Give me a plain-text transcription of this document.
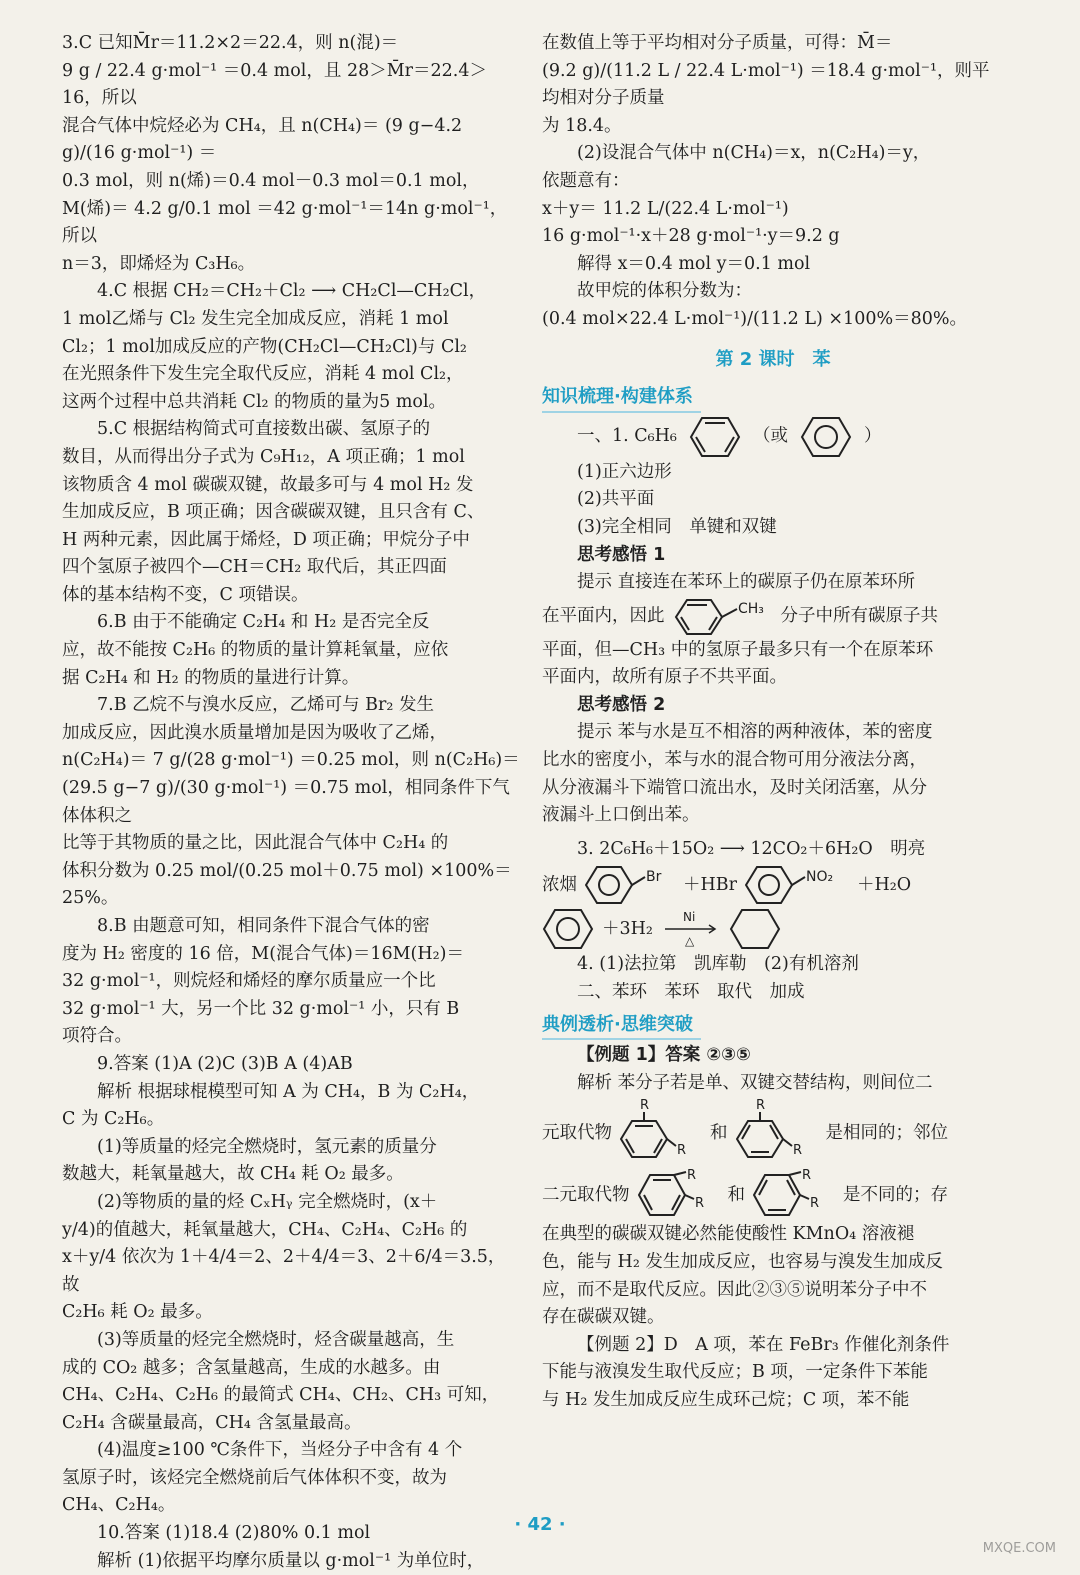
3.C 已知M̄r＝11.2×2＝22.4，则 n(混)＝

9 g / 22.4 g·mol⁻¹ ＝0.4 mol，且 28＞M̄r＝22.4＞16，所以

混合气体中烷烃必为 CH₄，且 n(CH₄)＝ (9 g−4.2 g)/(16 g·mol⁻¹) ＝

0.3 mol，则 n(烯)＝0.4 mol－0.3 mol＝0.1 mol，

M(烯)＝ 4.2 g/0.1 mol ＝42 g·mol⁻¹＝14n g·mol⁻¹，所以

n＝3，即烯烃为 C₃H₆。

4.C 根据 CH₂＝CH₂＋Cl₂ ⟶ CH₂Cl—CH₂Cl，

1 mol乙烯与 Cl₂ 发生完全加成反应，消耗 1 mol

Cl₂；1 mol加成反应的产物(CH₂Cl—CH₂Cl)与 Cl₂

在光照条件下发生完全取代反应，消耗 4 mol Cl₂，

这两个过程中总共消耗 Cl₂ 的物质的量为5 mol。

5.C 根据结构简式可直接数出碳、氢原子的

数目，从而得出分子式为 C₉H₁₂，A 项正确；1 mol

该物质含 4 mol 碳碳双键，故最多可与 4 mol H₂ 发

生加成反应，B 项正确；因含碳碳双键，且只含有 C、

H 两种元素，因此属于烯烃，D 项正确；甲烷分子中

四个氢原子被四个—CH＝CH₂ 取代后，其正四面

体的基本结构不变，C 项错误。

6.B 由于不能确定 C₂H₄ 和 H₂ 是否完全反

应，故不能按 C₂H₆ 的物质的量计算耗氧量，应依

据 C₂H₄ 和 H₂ 的物质的量进行计算。

7.B 乙烷不与溴水反应，乙烯可与 Br₂ 发生

加成反应，因此溴水质量增加是因为吸收了乙烯，

n(C₂H₄)＝ 7 g/(28 g·mol⁻¹) ＝0.25 mol，则 n(C₂H₆)＝

(29.5 g−7 g)/(30 g·mol⁻¹) ＝0.75 mol，相同条件下气体体积之

比等于其物质的量之比，因此混合气体中 C₂H₄ 的

体积分数为 0.25 mol/(0.25 mol＋0.75 mol) ×100%＝25%。

8.B 由题意可知，相同条件下混合气体的密

度为 H₂ 密度的 16 倍，M(混合气体)＝16M(H₂)＝

32 g·mol⁻¹，则烷烃和烯烃的摩尔质量应一个比

32 g·mol⁻¹ 大，另一个比 32 g·mol⁻¹ 小，只有 B

项符合。

9.答案 (1)A (2)C (3)B A (4)AB

解析 根据球棍模型可知 A 为 CH₄，B 为 C₂H₄，

C 为 C₂H₆。

(1)等质量的烃完全燃烧时，氢元素的质量分

数越大，耗氧量越大，故 CH₄ 耗 O₂ 最多。

(2)等物质的量的烃 CₓHᵧ 完全燃烧时，(x＋

y/4)的值越大，耗氧量越大，CH₄、C₂H₄、C₂H₆ 的

x＋y/4 依次为 1＋4/4＝2、2＋4/4＝3、2＋6/4＝3.5，故

C₂H₆ 耗 O₂ 最多。

(3)等质量的烃完全燃烧时，烃含碳量越高，生

成的 CO₂ 越多；含氢量越高，生成的水越多。由

CH₄、C₂H₄、C₂H₆ 的最简式 CH₄、CH₂、CH₃ 可知，

C₂H₄ 含碳量最高，CH₄ 含氢量最高。

(4)温度≥100 ℃条件下，当烃分子中含有 4 个

氢原子时，该烃完全燃烧前后气体体积不变，故为

CH₄、C₂H₄。

10.答案 (1)18.4 (2)80% 0.1 mol

解析 (1)依据平均摩尔质量以 g·mol⁻¹ 为单位时，

在数值上等于平均相对分子质量，可得：M̄＝

(9.2 g)/(11.2 L / 22.4 L·mol⁻¹) ＝18.4 g·mol⁻¹，则平均相对分子质量

为 18.4。

(2)设混合气体中 n(CH₄)＝x，n(C₂H₄)＝y，

依题意有：

x＋y＝ 11.2 L/(22.4 L·mol⁻¹)

16 g·mol⁻¹·x＋28 g·mol⁻¹·y＝9.2 g

解得 x＝0.4 mol y＝0.1 mol

故甲烷的体积分数为：

(0.4 mol×22.4 L·mol⁻¹)/(11.2 L) ×100%＝80%。

第 2 课时　苯
知识梳理·构建体系
一、1. C₆H₆	（或	）

(1)正六边形

(2)共平面

(3)完全相同　单键和双键

思考感悟 1

提示 直接连在苯环上的碳原子仍在原苯环所

在平面内，因此	CH₃ 分子中所有碳原子共

平面，但—CH₃ 中的氢原子最多只有一个在原苯环

平面内，故所有原子不共平面。

思考感悟 2

提示 苯与水是互不相溶的两种液体，苯的密度

比水的密度小，苯与水的混合物可用分液法分离，

从分液漏斗下端管口流出水，及时关闭活塞，从分

液漏斗上口倒出苯。

3. 2C₆H₆＋15O₂ ⟶ 12CO₂＋6H₂O　明亮

浓烟	Br ＋HBr	NO₂ ＋H₂O
＋3H₂
Ni
△

4. (1)法拉第　凯库勒　(2)有机溶剂

二、苯环　苯环　取代　加成

典例透析·思维突破

【例题 1】答案 ②③⑤

解析 苯分子若是单、双键交替结构，则间位二

元取代物
R
R
和
R
R
是相同的；邻位
二元取代物
R
R 和
R
R 是不同的；存

在典型的碳碳双键必然能使酸性 KMnO₄ 溶液褪

色，能与 H₂ 发生加成反应，也容易与溴发生加成反

应，而不是取代反应。因此②③⑤说明苯分子中不

存在碳碳双键。

【例题 2】D　A 项，苯在 FeBr₃ 作催化剂条件

下能与液溴发生取代反应；B 项，一定条件下苯能

与 H₂ 发生加成反应生成环己烷；C 项，苯不能

· 42 ·
MXQE.COM
